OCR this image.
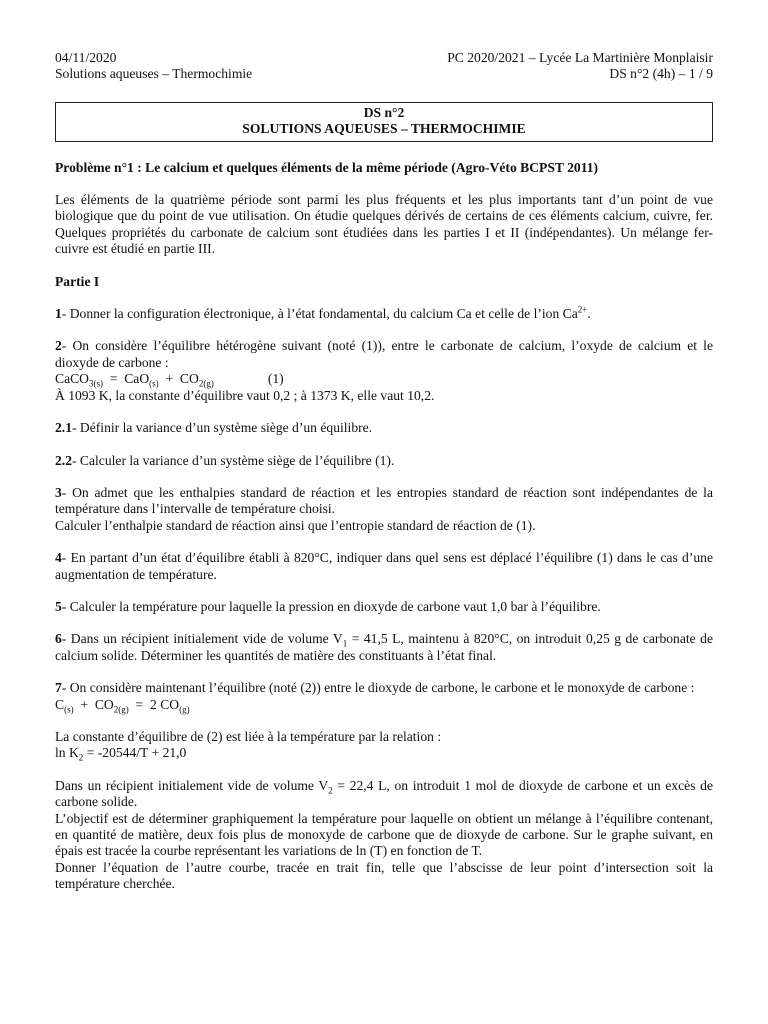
04/11/2020	PC 2020/2021 – Lycée La Martinière Monplaisir
Solutions aqueuses – Thermochimie	DS n°2 (4h) – 1 / 9
DS n°2
SOLUTIONS AQUEUSES – THERMOCHIMIE
Problème n°1 : Le calcium et quelques éléments de la même période (Agro-Véto BCPST 2011)

Les éléments de la quatrième période sont parmi les plus fréquents et les plus importants tant d’un point de vue biologique que du point de vue utilisation. On étudie quelques dérivés de certains de ces éléments calcium, cuivre, fer. Quelques propriétés du carbonate de calcium sont étudiées dans les parties I et II (indépendantes). Un mélange fer-cuivre est étudié en partie III.

Partie I

1- Donner la configuration électronique, à l’état fondamental, du calcium Ca et celle de l’ion $Ca^{2+}$.

2- On considère l’équilibre hétérogène suivant (noté (1)), entre le carbonate de calcium, l’oxyde de calcium et le dioxyde de carbone :

CaCO$_{3(s)}$  =  $CaO_{(s)} + CO_{2(g)}$	(1)
À 1093 K, la constante d’équilibre vaut 0,2 ; à 1373 K, elle vaut 10,2.

2.1- Définir la variance d’un système siège d’un équilibre.

2.2- Calculer la variance d’un système siège de l’équilibre (1).

3- On admet que les enthalpies standard de réaction et les entropies standard de réaction sont indépendantes de la température dans l’intervalle de température choisi.

Calculer l’enthalpie standard de réaction ainsi que l’entropie standard de réaction de (1).

4- En partant d’un état d’équilibre établi à 820°C, indiquer dans quel sens est déplacé l’équilibre (1) dans le cas d’une augmentation de température.

5- Calculer la température pour laquelle la pression en dioxyde de carbone vaut 1,0 bar à l’équilibre.

6- Dans un récipient initialement vide de volume $V_1 = 41,5$ L, maintenu à 820°C, on introduit 0,25 g de carbonate de calcium solide. Déterminer les quantités de matière des constituants à l’état final.

7- On considère maintenant l’équilibre (noté (2)) entre le dioxyde de carbone, le carbone et le monoxyde de carbone :

$C_{(s)} + CO_{2(g)} = 2$ $CO_{(g)}$

La constante d’équilibre de (2) est liée à la température par la relation :

$\ln K_2 = -20544/T + 21,0$

Dans un récipient initialement vide de volume $V_2 = 22,4$ L, on introduit 1 mol de dioxyde de carbone et un excès de carbone solide.

L’objectif est de déterminer graphiquement la température pour laquelle on obtient un mélange à l’équilibre contenant, en quantité de matière, deux fois plus de monoxyde de carbone que de dioxyde de carbone. Sur le graphe suivant, en épais est tracée la courbe représentant les variations de ln (T) en fonction de T.
Donner l’équation de l’autre courbe, tracée en trait fin, telle que l’abscisse de leur point d’intersection soit la température cherchée.
